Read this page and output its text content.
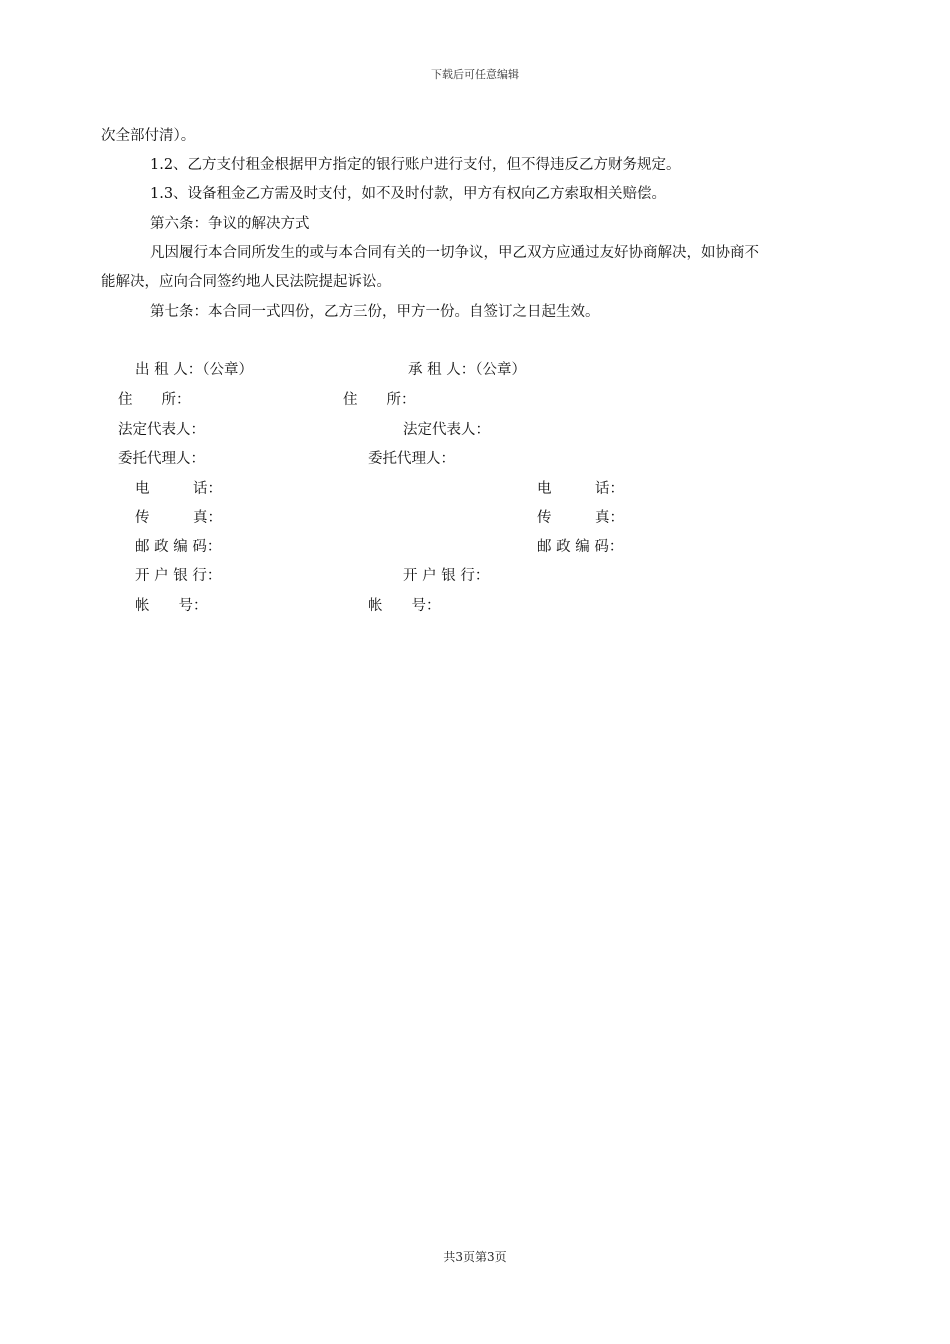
下载后可任意编辑
次全部付清）。
1.2、乙方支付租金根据甲方指定的银行账户进行支付，但不得违反乙方财务规定。
1.3、设备租金乙方需及时支付，如不及时付款，甲方有权向乙方索取相关赔偿。
第六条：争议的解决方式
凡因履行本合同所发生的或与本合同有关的一切争议，甲乙双方应通过友好协商解决，如协商不
能解决，应向合同签约地人民法院提起诉讼。
第七条：本合同一式四份，乙方三份，甲方一份。自签订之日起生效。
出 租 人：（公章）	承 租 人：（公章）
住　　所：	住　　所：
法定代表人：	法定代表人：
委托代理人：	委托代理人：
电　　　话：	电　　　话：
传　　　真：	传　　　真：
邮 政 编 码：	邮 政 编 码：
开 户 银 行：	开 户 银 行：
帐　　号：	帐　　号：
共3页第3页
